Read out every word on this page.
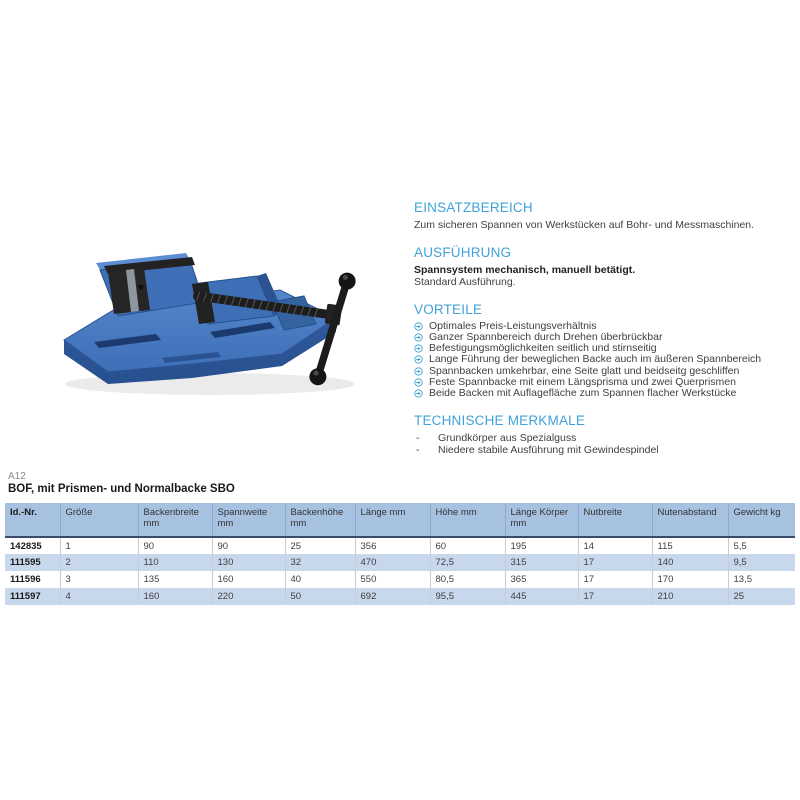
EINSATZBEREICH

Zum sicheren Spannen von Werkstücken auf Bohr- und Messmaschinen.

AUSFÜHRUNG

Spannsystem mechanisch, manuell betätigt.

Standard Ausführung.

VORTEILE
Optimales Preis-Leistungsverhältnis
Ganzer Spannbereich durch Drehen überbrückbar
Befestigungsmöglichkeiten seitlich und stirnseitig
Lange Führung der beweglichen Backe auch im äußeren Spannbereich
Spannbacken umkehrbar, eine Seite glatt und beidseitg geschliffen
Feste Spannbacke mit einem Längsprisma und zwei Querprismen
Beide Backen mit Auflagefläche zum Spannen flacher Werkstücke
TECHNISCHE MERKMALE
- Grundkörper aus Spezialguss
- Niedere stabile Ausführung mit Gewindespindel

A12

BOF, mit Prismen- und Normalbacke SBO

Id.-Nr.	Größe	Backenbreite mm	Spannweite mm	Backenhöhe mm	Länge mm	Höhe mm	Länge Körper mm	Nutbreite	Nutenabstand	Gewicht kg
142835	1	90	90	25	356	60	195	14	115	5,5
111595	2	110	130	32	470	72,5	315	17	140	9,5
111596	3	135	160	40	550	80,5	365	17	170	13,5
111597	4	160	220	50	692	95,5	445	17	210	25
